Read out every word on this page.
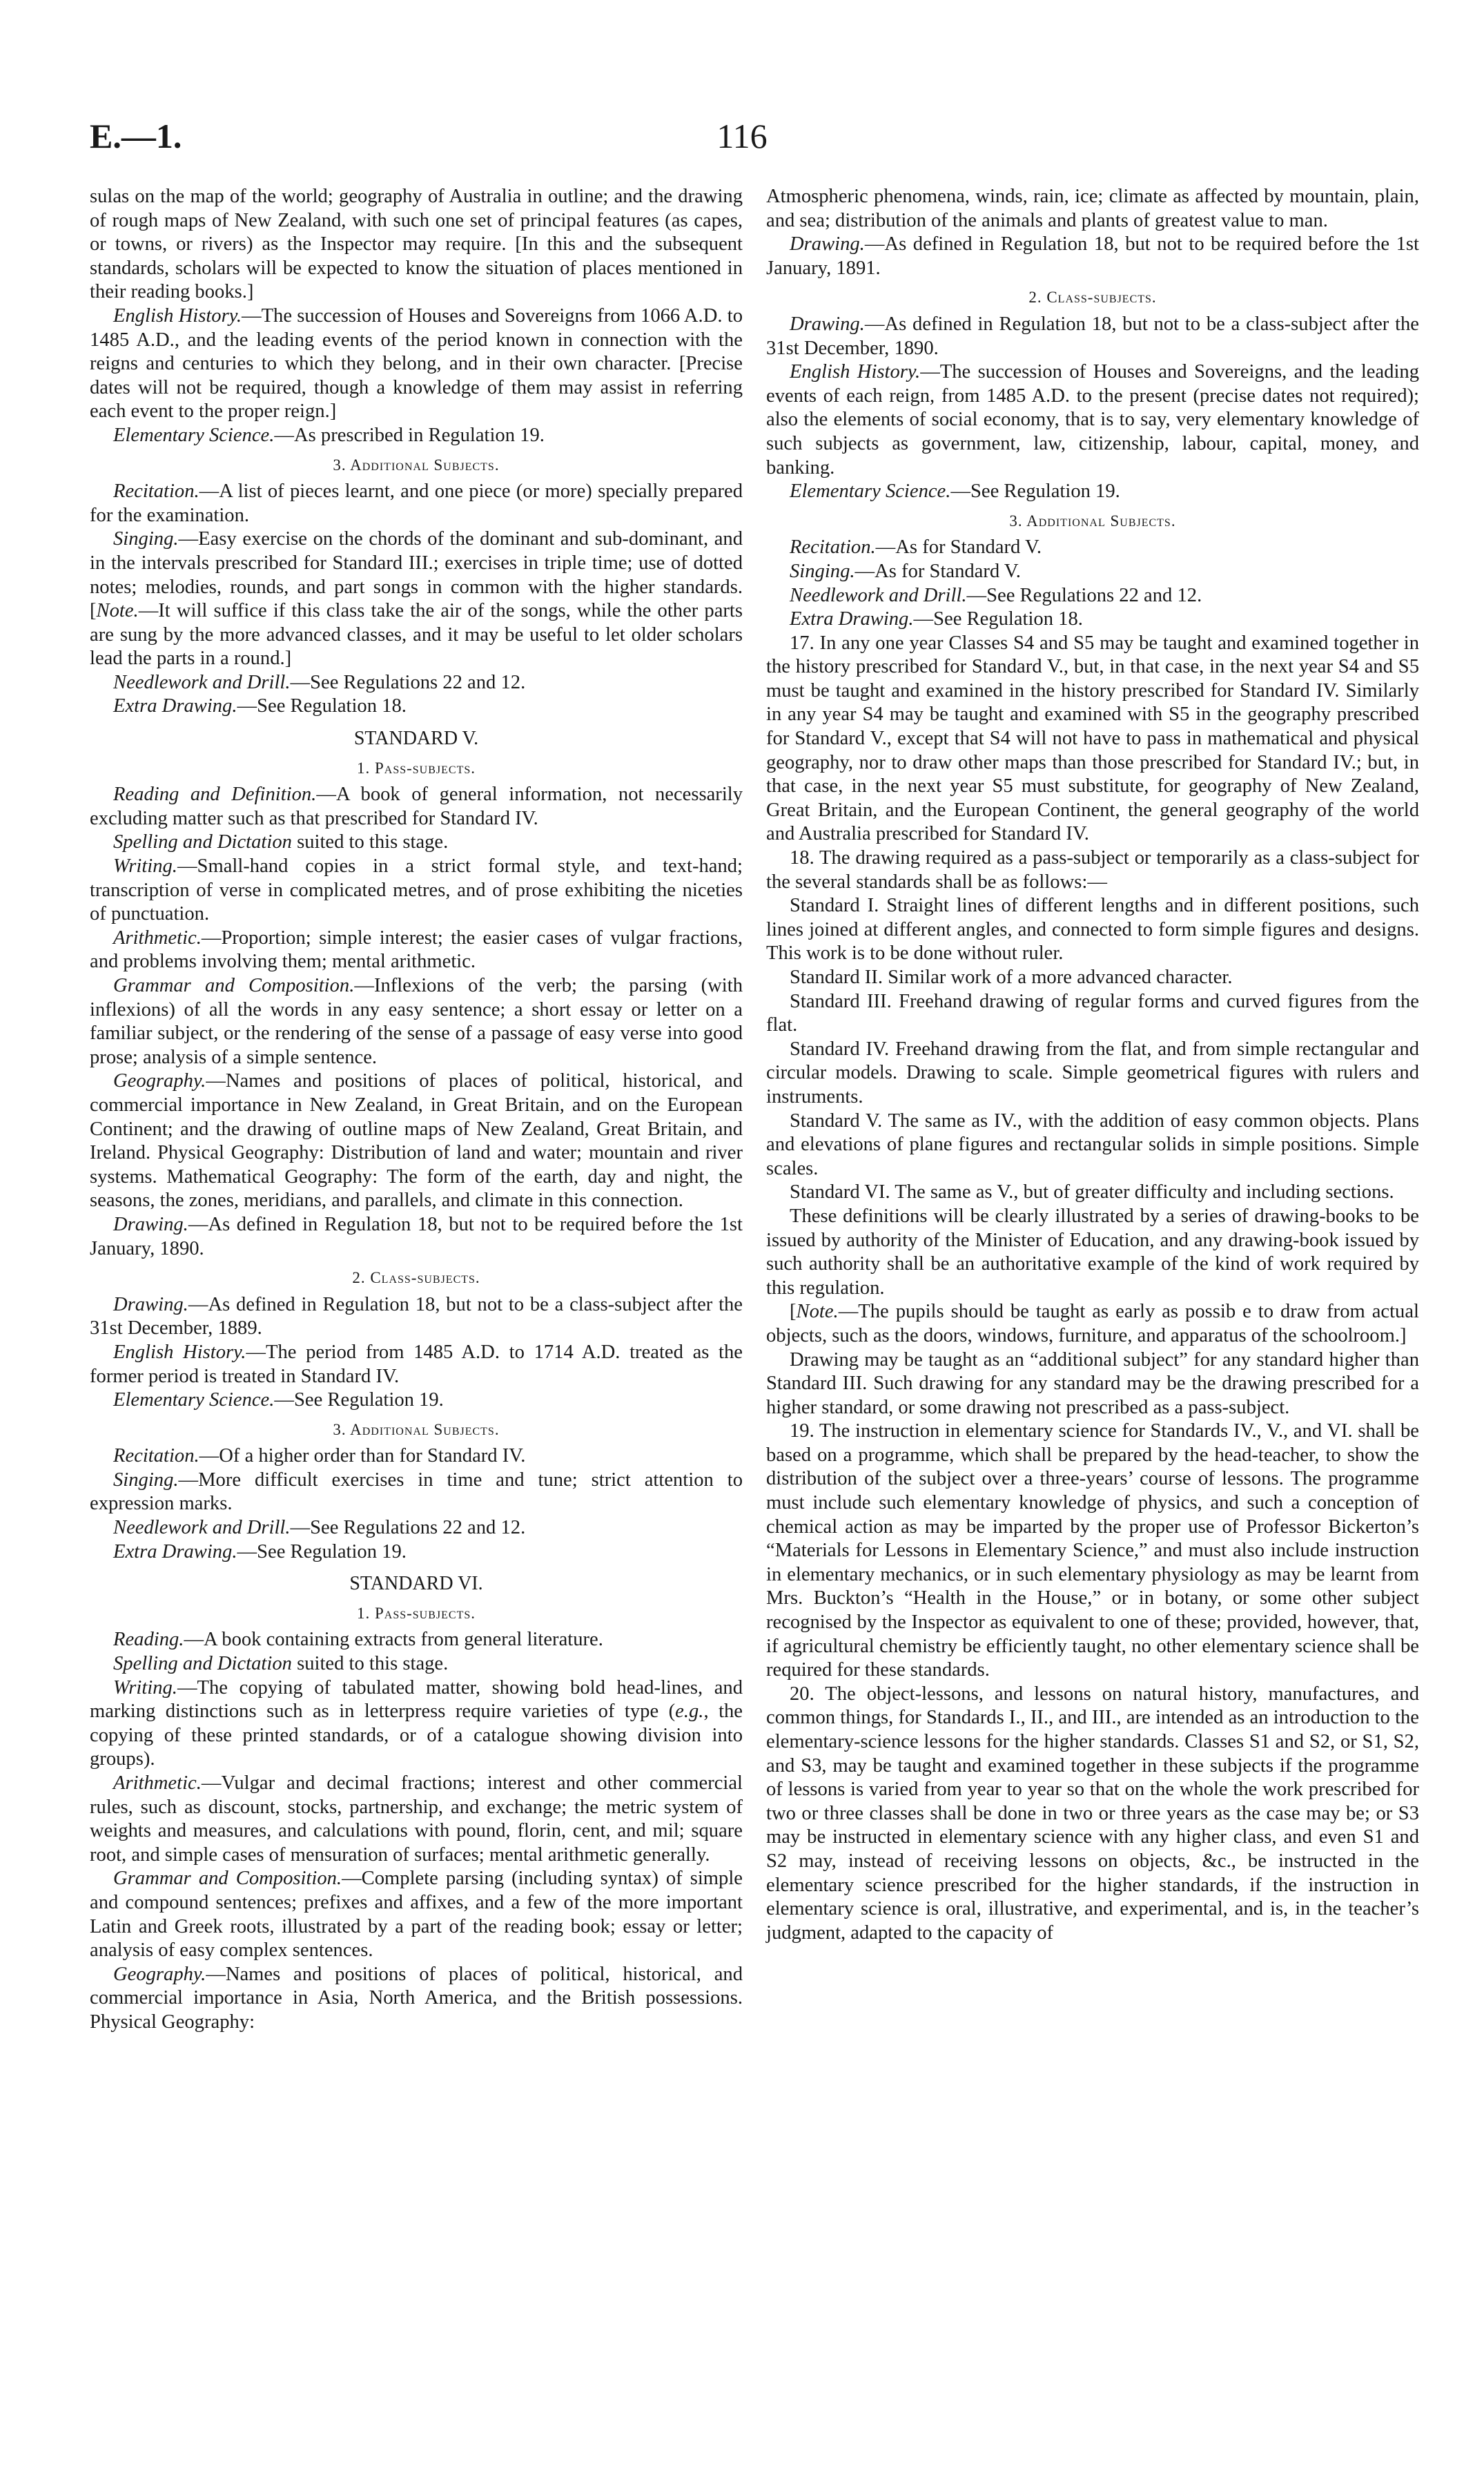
E.—1.	116

sulas on the map of the world; geography of Australia in outline; and the drawing of rough maps of New Zealand, with such one set of principal features (as capes, or towns, or rivers) as the Inspector may require. [In this and the subsequent standards, scholars will be expected to know the situation of places mentioned in their reading books.]

English History.—The succession of Houses and Sovereigns from 1066 A.D. to 1485 A.D., and the leading events of the period known in connection with the reigns and centuries to which they belong, and in their own character. [Precise dates will not be required, though a knowledge of them may assist in referring each event to the proper reign.]

Elementary Science.—As prescribed in Regulation 19.

3. Additional Subjects.

Recitation.—A list of pieces learnt, and one piece (or more) specially prepared for the examination.

Singing.—Easy exercise on the chords of the dominant and sub-dominant, and in the intervals prescribed for Standard III.; exercises in triple time; use of dotted notes; melodies, rounds, and part songs in common with the higher standards. [Note.—It will suffice if this class take the air of the songs, while the other parts are sung by the more advanced classes, and it may be useful to let older scholars lead the parts in a round.]

Needlework and Drill.—See Regulations 22 and 12.

Extra Drawing.—See Regulation 18.

STANDARD V.
1. Pass-subjects.

Reading and Definition.—A book of general information, not necessarily excluding matter such as that prescribed for Standard IV.

Spelling and Dictation suited to this stage.

Writing.—Small-hand copies in a strict formal style, and text-hand; transcription of verse in complicated metres, and of prose exhibiting the niceties of punctuation.

Arithmetic.—Proportion; simple interest; the easier cases of vulgar fractions, and problems involving them; mental arithmetic.

Grammar and Composition.—Inflexions of the verb; the parsing (with inflexions) of all the words in any easy sentence; a short essay or letter on a familiar subject, or the rendering of the sense of a passage of easy verse into good prose; analysis of a simple sentence.

Geography.—Names and positions of places of political, historical, and commercial importance in New Zealand, in Great Britain, and on the European Continent; and the drawing of outline maps of New Zealand, Great Britain, and Ireland. Physical Geography: Distribution of land and water; mountain and river systems. Mathematical Geography: The form of the earth, day and night, the seasons, the zones, meridians, and parallels, and climate in this connection.

Drawing.—As defined in Regulation 18, but not to be required before the 1st January, 1890.

2. Class-subjects.

Drawing.—As defined in Regulation 18, but not to be a class-subject after the 31st December, 1889.

English History.—The period from 1485 A.D. to 1714 A.D. treated as the former period is treated in Standard IV.

Elementary Science.—See Regulation 19.

3. Additional Subjects.

Recitation.—Of a higher order than for Standard IV.

Singing.—More difficult exercises in time and tune; strict attention to expression marks.

Needlework and Drill.—See Regulations 22 and 12.

Extra Drawing.—See Regulation 19.

STANDARD VI.
1. Pass-subjects.

Reading.—A book containing extracts from general literature.

Spelling and Dictation suited to this stage.

Writing.—The copying of tabulated matter, showing bold head-lines, and marking distinctions such as in letterpress require varieties of type (e.g., the copying of these printed standards, or of a catalogue showing division into groups).

Arithmetic.—Vulgar and decimal fractions; interest and other commercial rules, such as discount, stocks, partnership, and exchange; the metric system of weights and measures, and calculations with pound, florin, cent, and mil; square root, and simple cases of mensuration of surfaces; mental arithmetic generally.

Grammar and Composition.—Complete parsing (including syntax) of simple and compound sentences; prefixes and affixes, and a few of the more important Latin and Greek roots, illustrated by a part of the reading book; essay or letter; analysis of easy complex sentences.

Geography.—Names and positions of places of political, historical, and commercial importance in Asia, North America, and the British possessions. Physical Geography:

Atmospheric phenomena, winds, rain, ice; climate as affected by mountain, plain, and sea; distribution of the animals and plants of greatest value to man.

Drawing.—As defined in Regulation 18, but not to be required before the 1st January, 1891.

2. Class-subjects.

Drawing.—As defined in Regulation 18, but not to be a class-subject after the 31st December, 1890.

English History.—The succession of Houses and Sovereigns, and the leading events of each reign, from 1485 A.D. to the present (precise dates not required); also the elements of social economy, that is to say, very elementary knowledge of such subjects as government, law, citizenship, labour, capital, money, and banking.

Elementary Science.—See Regulation 19.

3. Additional Subjects.

Recitation.—As for Standard V.

Singing.—As for Standard V.

Needlework and Drill.—See Regulations 22 and 12.

Extra Drawing.—See Regulation 18.

17. In any one year Classes S4 and S5 may be taught and examined together in the history prescribed for Standard V., but, in that case, in the next year S4 and S5 must be taught and examined in the history prescribed for Standard IV. Similarly in any year S4 may be taught and examined with S5 in the geography prescribed for Standard V., except that S4 will not have to pass in mathematical and physical geography, nor to draw other maps than those prescribed for Standard IV.; but, in that case, in the next year S5 must substitute, for geography of New Zealand, Great Britain, and the European Continent, the general geography of the world and Australia prescribed for Standard IV.

18. The drawing required as a pass-subject or temporarily as a class-subject for the several standards shall be as follows:—

Standard I. Straight lines of different lengths and in different positions, such lines joined at different angles, and connected to form simple figures and designs. This work is to be done without ruler.

Standard II. Similar work of a more advanced character.

Standard III. Freehand drawing of regular forms and curved figures from the flat.

Standard IV. Freehand drawing from the flat, and from simple rectangular and circular models. Drawing to scale. Simple geometrical figures with rulers and instruments.

Standard V. The same as IV., with the addition of easy common objects. Plans and elevations of plane figures and rectangular solids in simple positions. Simple scales.

Standard VI. The same as V., but of greater difficulty and including sections.

These definitions will be clearly illustrated by a series of drawing-books to be issued by authority of the Minister of Education, and any drawing-book issued by such authority shall be an authoritative example of the kind of work required by this regulation.

[Note.—The pupils should be taught as early as possib e to draw from actual objects, such as the doors, windows, furniture, and apparatus of the schoolroom.]

Drawing may be taught as an “additional subject” for any standard higher than Standard III. Such drawing for any standard may be the drawing prescribed for a higher standard, or some drawing not prescribed as a pass-subject.

19. The instruction in elementary science for Standards IV., V., and VI. shall be based on a programme, which shall be prepared by the head-teacher, to show the distribution of the subject over a three-years’ course of lessons. The programme must include such elementary knowledge of physics, and such a conception of chemical action as may be imparted by the proper use of Professor Bickerton’s “Materials for Lessons in Elementary Science,” and must also include instruction in elementary mechanics, or in such elementary physiology as may be learnt from Mrs. Buckton’s “Health in the House,” or in botany, or some other subject recognised by the Inspector as equivalent to one of these; provided, however, that, if agricultural chemistry be efficiently taught, no other elementary science shall be required for these standards.

20. The object-lessons, and lessons on natural history, manufactures, and common things, for Standards I., II., and III., are intended as an introduction to the elementary-science lessons for the higher standards. Classes S1 and S2, or S1, S2, and S3, may be taught and examined together in these subjects if the programme of lessons is varied from year to year so that on the whole the work prescribed for two or three classes shall be done in two or three years as the case may be; or S3 may be instructed in elementary science with any higher class, and even S1 and S2 may, instead of receiving lessons on objects, &c., be instructed in the elementary science prescribed for the higher standards, if the instruction in elementary science is oral, illustrative, and experimental, and is, in the teacher’s judgment, adapted to the capacity of
